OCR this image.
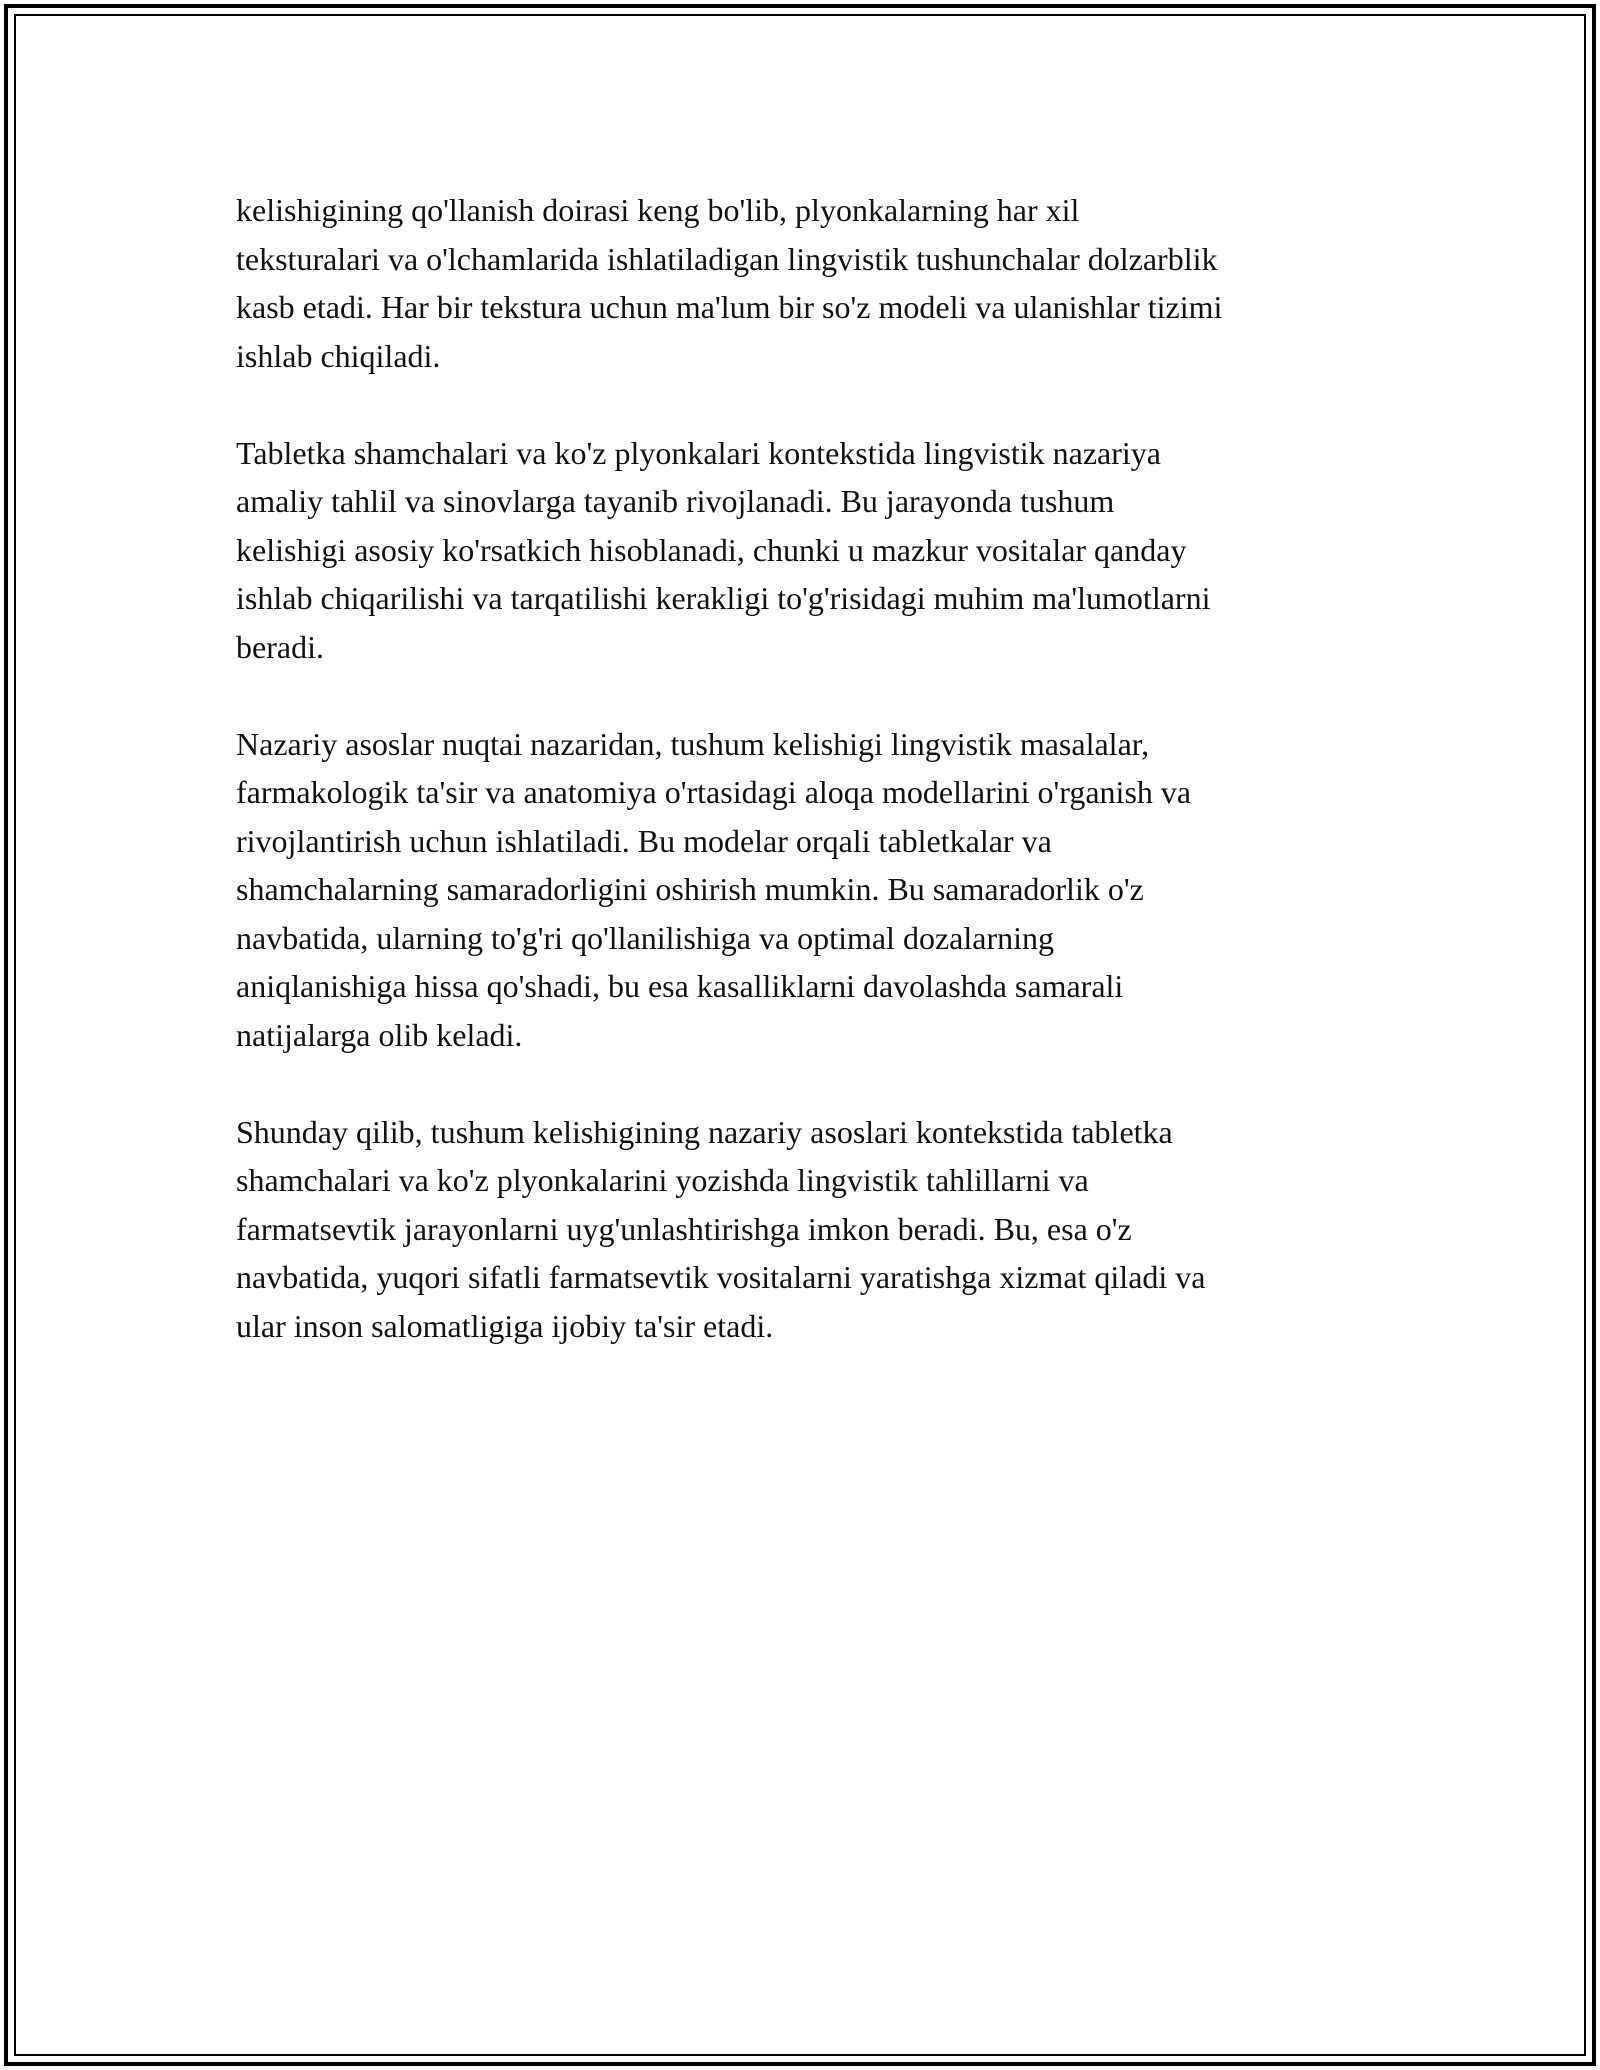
kelishigining qo'llanish doirasi keng bo'lib, plyonkalarning har xil
teksturalari va o'lchamlarida ishlatiladigan lingvistik tushunchalar dolzarblik
kasb etadi. Har bir tekstura uchun ma'lum bir so'z modeli va ulanishlar tizimi
ishlab chiqiladi.

Tabletka shamchalari va ko'z plyonkalari kontekstida lingvistik nazariya
amaliy tahlil va sinovlarga tayanib rivojlanadi. Bu jarayonda tushum
kelishigi asosiy ko'rsatkich hisoblanadi, chunki u mazkur vositalar qanday
ishlab chiqarilishi va tarqatilishi kerakligi to'g'risidagi muhim ma'lumotlarni
beradi.

Nazariy asoslar nuqtai nazaridan, tushum kelishigi lingvistik masalalar,
farmakologik ta'sir va anatomiya o'rtasidagi aloqa modellarini o'rganish va
rivojlantirish uchun ishlatiladi. Bu modelar orqali tabletkalar va
shamchalarning samaradorligini oshirish mumkin. Bu samaradorlik o'z
navbatida, ularning to'g'ri qo'llanilishiga va optimal dozalarning
aniqlanishiga hissa qo'shadi, bu esa kasalliklarni davolashda samarali
natijalarga olib keladi.

Shunday qilib, tushum kelishigining nazariy asoslari kontekstida tabletka
shamchalari va ko'z plyonkalarini yozishda lingvistik tahlillarni va
farmatsevtik jarayonlarni uyg'unlashtirishga imkon beradi. Bu, esa o'z
navbatida, yuqori sifatli farmatsevtik vositalarni yaratishga xizmat qiladi va
ular inson salomatligiga ijobiy ta'sir etadi.
